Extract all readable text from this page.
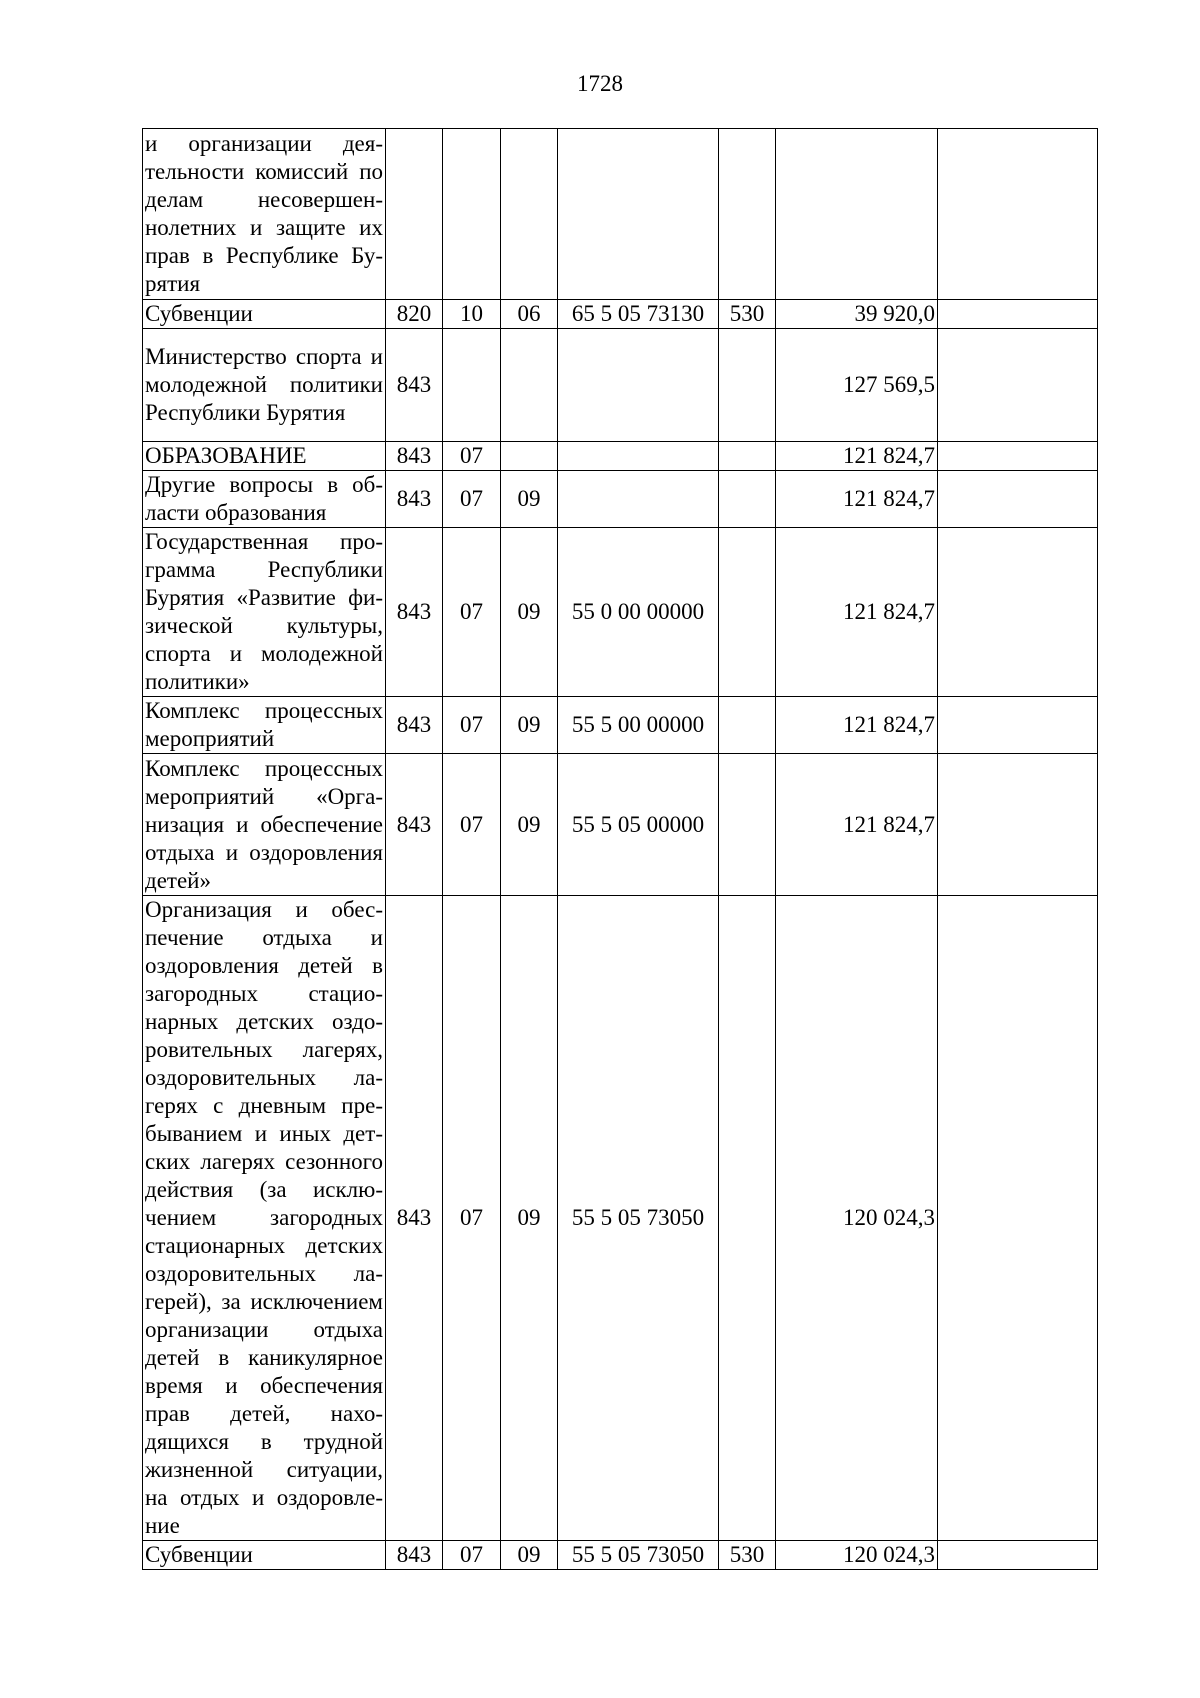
1728
и организации деятельности комиссий по делам несовершеннолетних и защите их прав в Республике Бурятия							
Субвенции	820	10	06	65 5 05 73130	530	39 920,0	
Министерство спорта и молодежной политики Республики Бурятия	843					127 569,5	
ОБРАЗОВАНИЕ	843	07				121 824,7	
Другие вопросы в области образования	843	07	09			121 824,7	
Государственная программа Республики Бурятия «Развитие физической культуры, спорта и молодежной политики»	843	07	09	55 0 00 00000		121 824,7	
Комплекс процессных мероприятий	843	07	09	55 5 00 00000		121 824,7	
Комплекс процессных мероприятий «Организация и обеспечение отдыха и оздоровления детей»	843	07	09	55 5 05 00000		121 824,7	
Организация и обеспечение отдыха и оздоровления детей в загородных стационарных детских оздоровительных лагерях, оздоровительных лагерях с дневным пребыванием и иных детских лагерях сезонного действия (за исключением загородных стационарных детских оздоровительных лагерей), за исключением организации отдыха детей в каникулярное время и обеспечения прав детей, находящихся в трудной жизненной ситуации, на отдых и оздоровление	843	07	09	55 5 05 73050		120 024,3	
Субвенции	843	07	09	55 5 05 73050	530	120 024,3	
